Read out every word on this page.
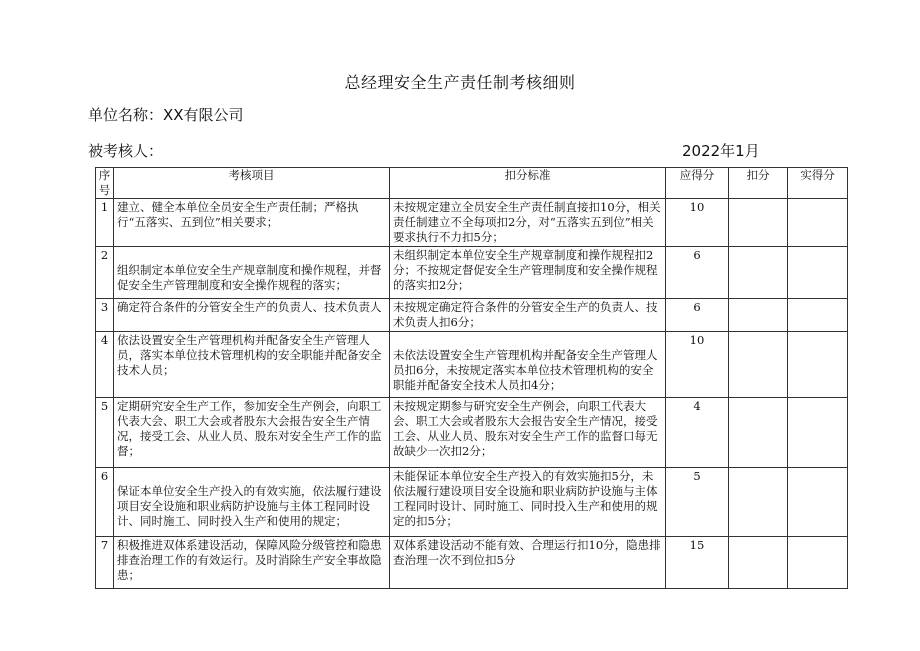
总经理安全生产责任制考核细则
单位名称：XX有限公司
被考核人：	2022年1月
序号	考核项目	扣分标准	应得分	扣分	实得分
1	建立、健全本单位全员安全生产责任制；严格执行“五落实、五到位”相关要求；	未按规定建立全员安全生产责任制直接扣10分，相关责任制建立不全每项扣2分，对“五落实五到位”相关要求执行不力扣5分；	10		
2	组织制定本单位安全生产规章制度和操作规程，并督促安全生产管理制度和安全操作规程的落实；	未组织制定本单位安全生产规章制度和操作规程扣2分；不按规定督促安全生产管理制度和安全操作规程的落实扣2分；	6		
3	确定符合条件的分管安全生产的负责人、技术负责人	未按规定确定符合条件的分管安全生产的负责人、技术负责人扣6分；	6		
4	依法设置安全生产管理机构并配备安全生产管理人员，落实本单位技术管理机构的安全职能并配备安全技术人员；	未依法设置安全生产管理机构并配备安全生产管理人员扣6分，未按规定落实本单位技术管理机构的安全职能并配备安全技术人员扣4分；	10		
5	定期研究安全生产工作，参加安全生产例会，向职工代表大会、职工大会或者股东大会报告安全生产情况，接受工会、从业人员、股东对安全生产工作的监督；	未按规定期参与研究安全生产例会，向职工代表大会、职工大会或者股东大会报告安全生产情况，接受工会、从业人员、股东对安全生产工作的监督口每无故缺少一次扣2分；	4		
6	保证本单位安全生产投入的有效实施，依法履行建设项目安全设施和职业病防护设施与主体工程同时设计、同时施工、同时投入生产和使用的规定；	未能保证本单位安全生产投入的有效实施扣5分，未依法履行建设项目安全设施和职业病防护设施与主体工程同时设计、同时施工、同时投入生产和使用的规定的扣5分；	5		
7	积极推进双体系建设活动，保障风险分级管控和隐患排查治理工作的有效运行。及时消除生产安全事故隐患；	双体系建设活动不能有效、合理运行扣10分，隐患排查治理一次不到位扣5分	15		
